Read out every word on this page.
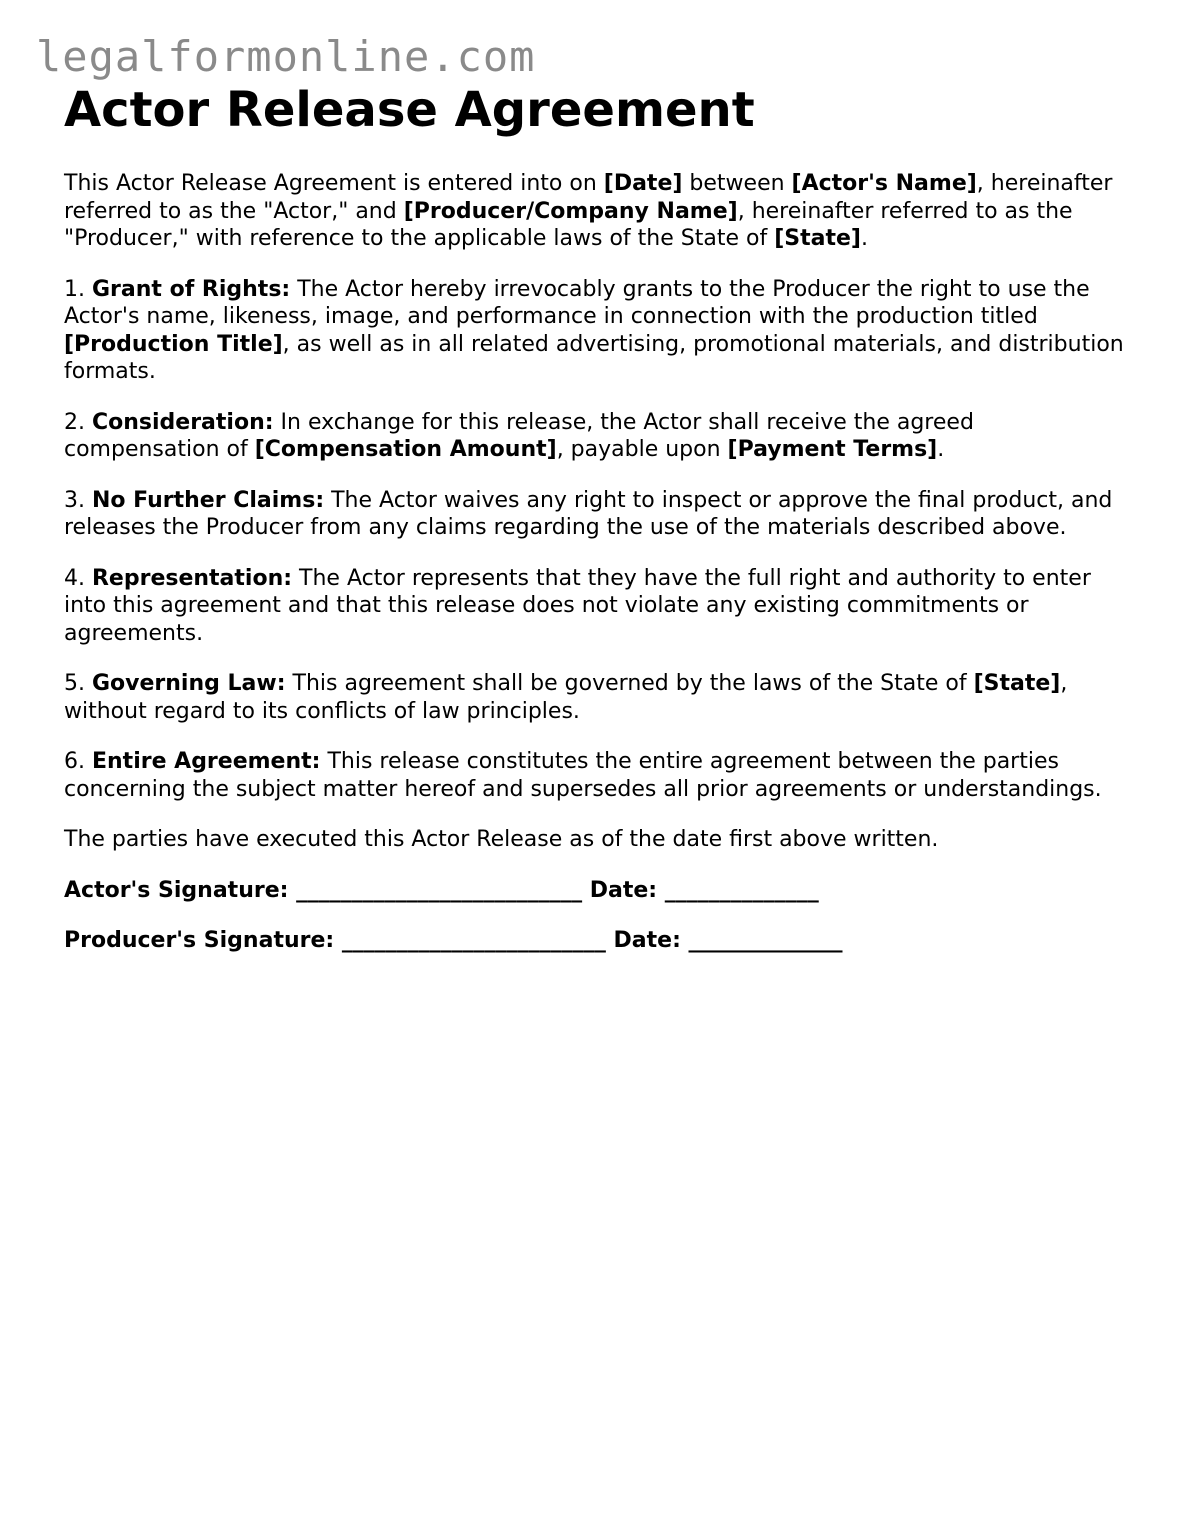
legalformonline.com
Actor Release Agreement

This Actor Release Agreement is entered into on [Date] between [Actor's Name], hereinafter referred to as the "Actor," and [Producer/Company Name], hereinafter referred to as the "Producer," with reference to the applicable laws of the State of [State].

1. Grant of Rights: The Actor hereby irrevocably grants to the Producer the right to use the Actor's name, likeness, image, and performance in connection with the production titled [Production Title], as well as in all related advertising, promotional materials, and distribution formats.

2. Consideration: In exchange for this release, the Actor shall receive the agreed compensation of [Compensation Amount], payable upon [Payment Terms].

3. No Further Claims: The Actor waives any right to inspect or approve the final product, and releases the Producer from any claims regarding the use of the materials described above.

4. Representation: The Actor represents that they have the full right and authority to enter into this agreement and that this release does not violate any existing commitments or agreements.

5. Governing Law: This agreement shall be governed by the laws of the State of [State], without regard to its conflicts of law principles.

6. Entire Agreement: This release constitutes the entire agreement between the parties concerning the subject matter hereof and supersedes all prior agreements or understandings.

The parties have executed this Actor Release as of the date first above written.

Actor's Signature: __________________________ Date: ______________
Producer's Signature: ________________________ Date: ______________
